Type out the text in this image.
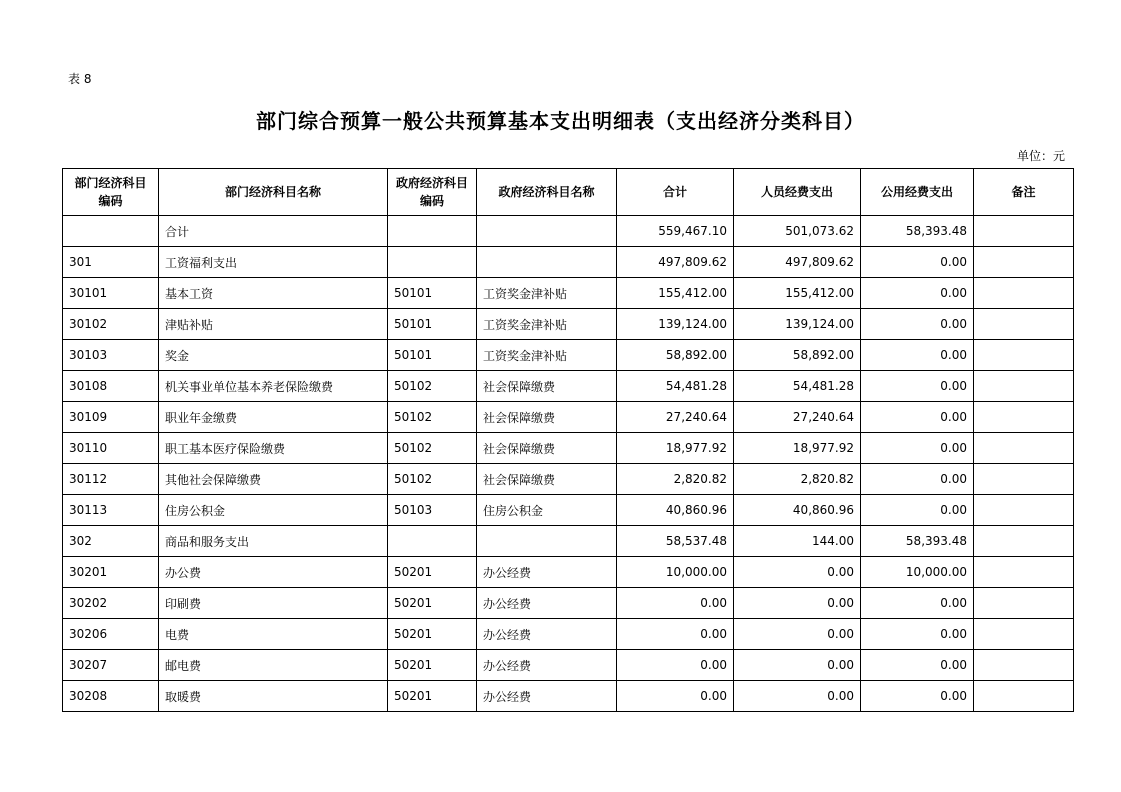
表 8
部门综合预算一般公共预算基本支出明细表（支出经济分类科目）
单位：元
部门经济科目编码	部门经济科目名称	政府经济科目编码	政府经济科目名称	合计	人员经费支出	公用经费支出	备注
	合计			559,467.10	501,073.62	58,393.48	
301	工资福利支出			497,809.62	497,809.62	0.00	
30101	基本工资	50101	工资奖金津补贴	155,412.00	155,412.00	0.00	
30102	津贴补贴	50101	工资奖金津补贴	139,124.00	139,124.00	0.00	
30103	奖金	50101	工资奖金津补贴	58,892.00	58,892.00	0.00	
30108	机关事业单位基本养老保险缴费	50102	社会保障缴费	54,481.28	54,481.28	0.00	
30109	职业年金缴费	50102	社会保障缴费	27,240.64	27,240.64	0.00	
30110	职工基本医疗保险缴费	50102	社会保障缴费	18,977.92	18,977.92	0.00	
30112	其他社会保障缴费	50102	社会保障缴费	2,820.82	2,820.82	0.00	
30113	住房公积金	50103	住房公积金	40,860.96	40,860.96	0.00	
302	商品和服务支出			58,537.48	144.00	58,393.48	
30201	办公费	50201	办公经费	10,000.00	0.00	10,000.00	
30202	印刷费	50201	办公经费	0.00	0.00	0.00	
30206	电费	50201	办公经费	0.00	0.00	0.00	
30207	邮电费	50201	办公经费	0.00	0.00	0.00	
30208	取暖费	50201	办公经费	0.00	0.00	0.00	
